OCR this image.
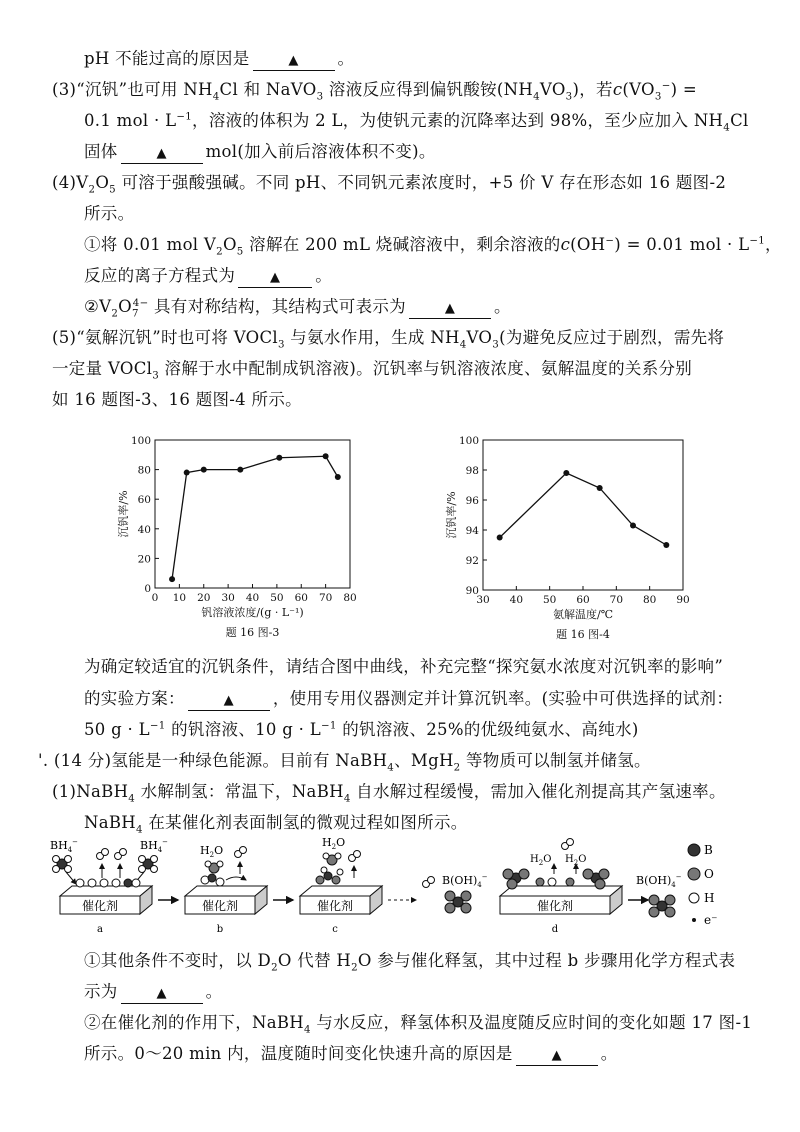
pH 不能过高的原因是	▲ 。
(3)“沉钒”也可用 $NH_4Cl$ 和 NaVO$_3$ 溶液反应得到偏钒酸铵$(NH_4VO_3)$，若$c(VO_3^-)$ =
0.1 mol · $L^{-1}$，溶液的体积为 2 L，为使钒元素的沉降率达到 98%，至少应加入 $NH_4Cl$
固体	▲ mol(加入前后溶液体积不变)。
$(4)V_2O_5$ 可溶于强酸强碱。不同 pH、不同钒元素浓度时，+5 价 V 存在形态如 16 题图-2
所示。
①将 0.01 mol $V_2O_5$ 溶解在 200 mL 烧碱溶液中，剩余溶液的c(OH−) = 0.01 mol · $L^{-1}$，
反应的离子方程式为	▲ 。
$②V_2O_7^{4-}$ 具有对称结构，其结构式可表示为	▲ 。
(5)“氨解沉钒”时也可将 VOCl$_3$ 与氨水作用，生成 $NH_4VO_3$(为避免反应过于剧烈，需先将
一定量 VOCl$_3$ 溶解于水中配制成钒溶液)。沉钒率与钒溶液浓度、氨解温度的关系分别
如 16 题图-3、16 题图-4 所示。
0 10 20 30 40 50 60 70 80
0
20
40
60
80
100
钒溶液浓度/(g · L⁻¹)
沉钒率/%
题 16 图-3
30 40 50 60 70 80 90
90
92
94
96
98
100
氨解温度/℃
沉钒率/%
题 16 图-4
为确定较适宜的沉钒条件，请结合图中曲线，补充完整“探究氨水浓度对沉钒率的影响”
的实验方案：	▲ ，使用专用仪器测定并计算沉钒率。(实验中可供选择的试剂：
50 $g \cdot L^{-1}$ 的钒溶液、10 $g \cdot L^{-1}$ 的钒溶液、25%的优级纯氨水、高纯水)
'. (14 分)氢能是一种绿色能源。目前有 NaBH$_4$、MgH$_2$ 等物质可以制氢并储氢。
(1)NaBH$_4$ 水解制氢：常温下，NaBH$_4$ 自水解过程缓慢，需加入催化剂提高其产氢速率。
NaBH$_4$ 在某催化剂表面制氢的微观过程如图所示。
催化剂
a
$BH_4^-$	$BH_4^-$
催化剂
b
$H_2O$
催化剂
c
$H_2O$
$B(OH)_4^-$
催化剂
d
$H_2O$ $H_2O$
$B(OH)_4^-$
B
O
H
e⁻
①其他条件不变时，以 $D_2O$ 代替 $H_2O$ 参与催化释氢，其中过程 b 步骤用化学方程式表
示为	▲ 。
②在催化剂的作用下，NaBH$_4$ 与水反应，释氢体积及温度随反应时间的变化如题 17 图-1
所示。0～20 min 内，温度随时间变化快速升高的原因是	▲ 。
